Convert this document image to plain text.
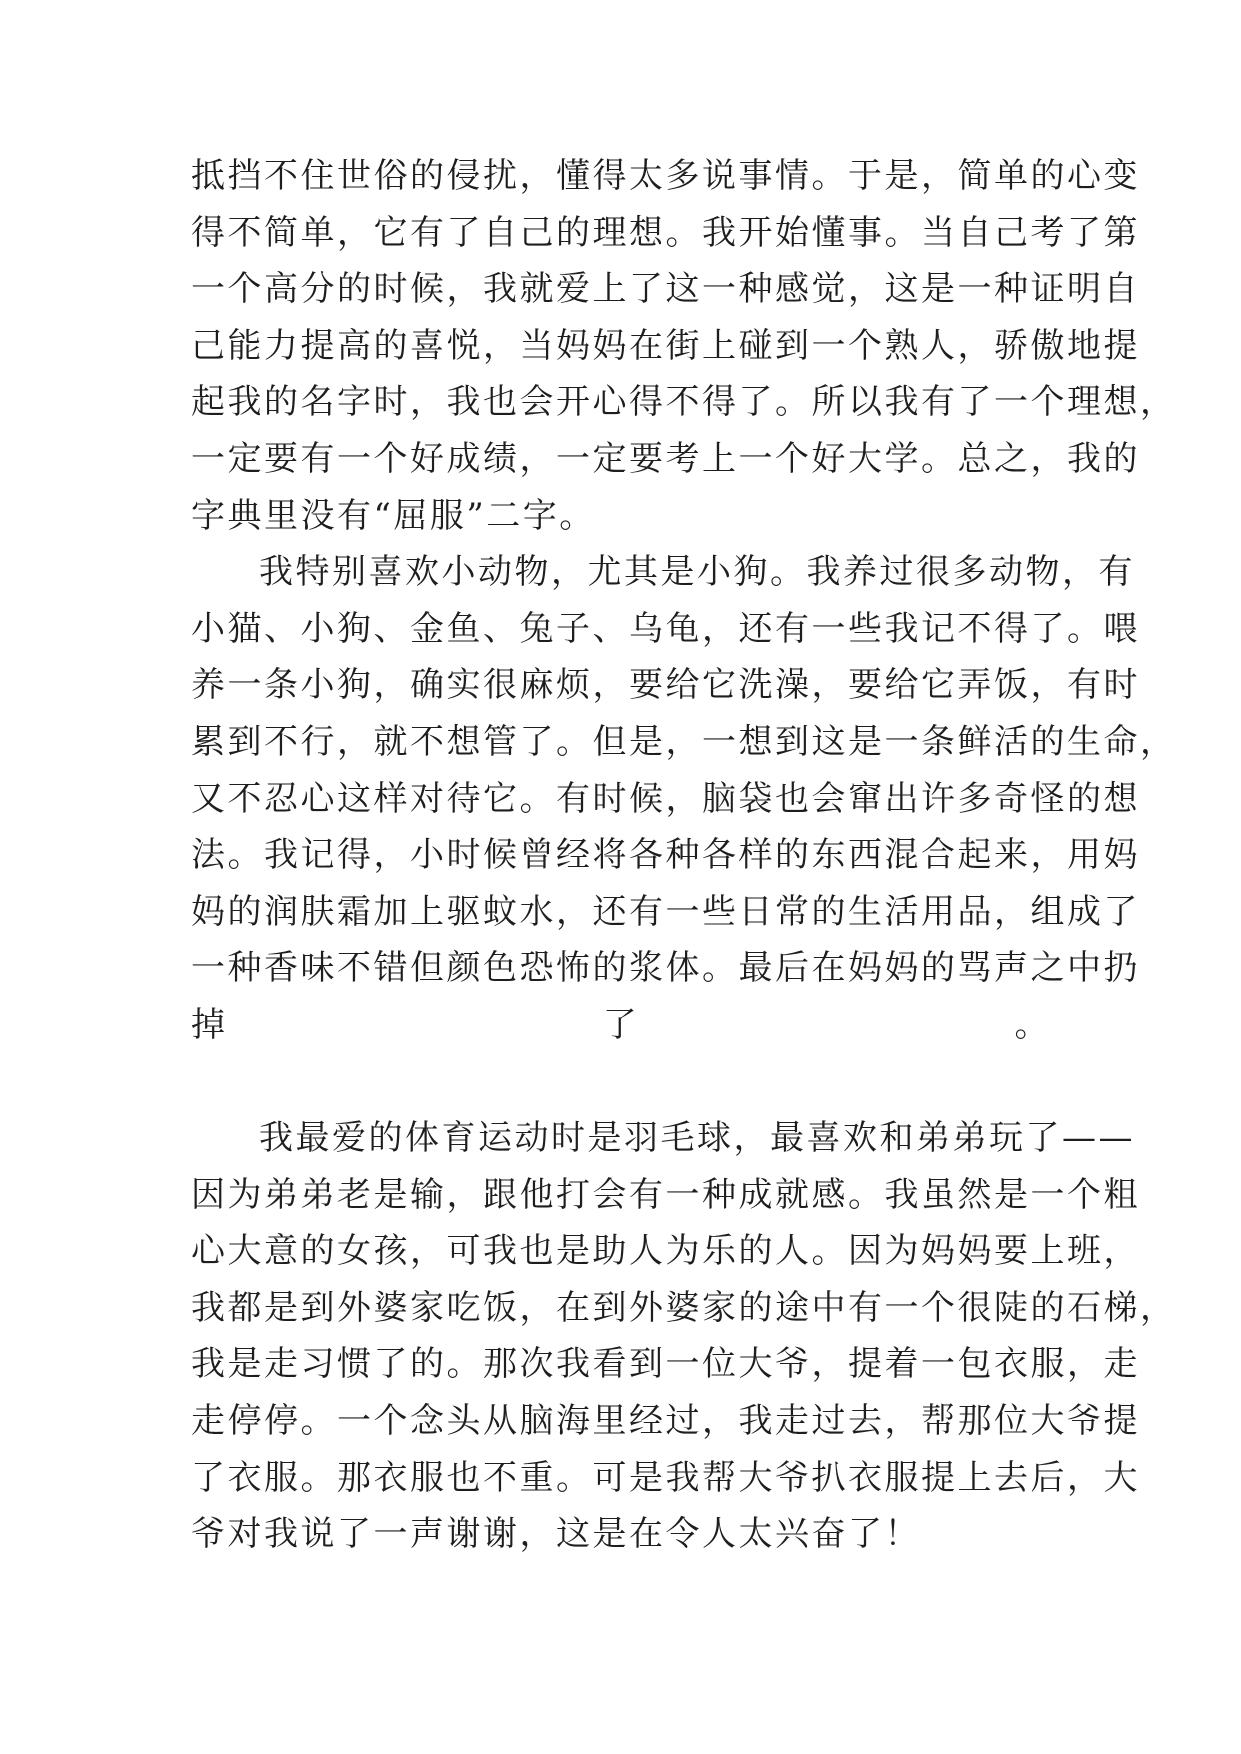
抵挡不住世俗的侵扰，懂得太多说事情。于是，简单的心变
得不简单，它有了自己的理想。我开始懂事。当自己考了第
一个高分的时候，我就爱上了这一种感觉，这是一种证明自
己能力提高的喜悦，当妈妈在街上碰到一个熟人，骄傲地提
起我的名字时，我也会开心得不得了。所以我有了一个理想，
一定要有一个好成绩，一定要考上一个好大学。总之，我的
字典里没有“屈服”二字。
我特别喜欢小动物，尤其是小狗。我养过很多动物，有
小猫、小狗、金鱼、兔子、乌龟，还有一些我记不得了。喂
养一条小狗，确实很麻烦，要给它洗澡，要给它弄饭，有时
累到不行，就不想管了。但是，一想到这是一条鲜活的生命，
又不忍心这样对待它。有时候，脑袋也会窜出许多奇怪的想
法。我记得，小时候曾经将各种各样的东西混合起来，用妈
妈的润肤霜加上驱蚊水，还有一些日常的生活用品，组成了
一种香味不错但颜色恐怖的浆体。最后在妈妈的骂声之中扔
掉了。
我最爱的体育运动时是羽毛球，最喜欢和弟弟玩了——
因为弟弟老是输，跟他打会有一种成就感。我虽然是一个粗
心大意的女孩，可我也是助人为乐的人。因为妈妈要上班，
我都是到外婆家吃饭，在到外婆家的途中有一个很陡的石梯，
我是走习惯了的。那次我看到一位大爷，提着一包衣服，走
走停停。一个念头从脑海里经过，我走过去，帮那位大爷提
了衣服。那衣服也不重。可是我帮大爷扒衣服提上去后，大
爷对我说了一声谢谢，这是在令人太兴奋了！
